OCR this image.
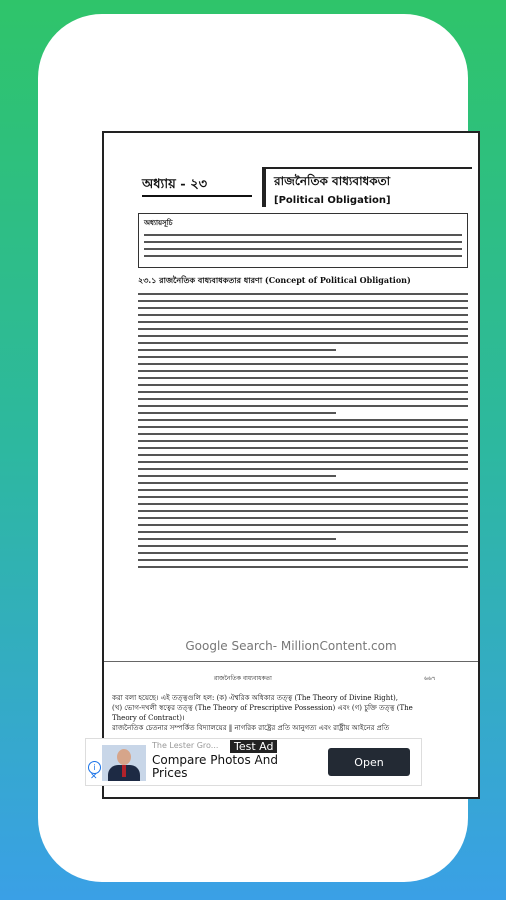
অধ্যায় - ২৩	রাজনৈতিক বাধ্যবাধকতা
[Political Obligation]
অধ্যায়সূচি
২৩.১ রাজনৈতিক বাধ্যবাধকতার ধারণা (Concept of Political Obligation)
Google Search- MillionContent.com
রাজনৈতিক বাধ্যবাধকতা	৬৬৭
করা বলা হয়েছে। এই তত্ত্বগুলি হল: (ক) ঐশ্বরিক অধিকার তত্ত্ব (The Theory of Divine Right),
(খ) ভোগ-দখলী স্বত্বের তত্ত্ব (The Theory of Prescriptive Possession) এবং (গ) চুক্তি তত্ত্ব (The
Theory of Contract)।
রাজনৈতিক চেতনার সম্পর্কিত বিদ্যালয়ের ‖ নাগরিক রাষ্ট্রের প্রতি আনুগত্য এবং রাষ্ট্রীয় আইনের প্রতি
Test Ad
i
✕
The Lester Gro...
Compare Photos And Prices
Open
